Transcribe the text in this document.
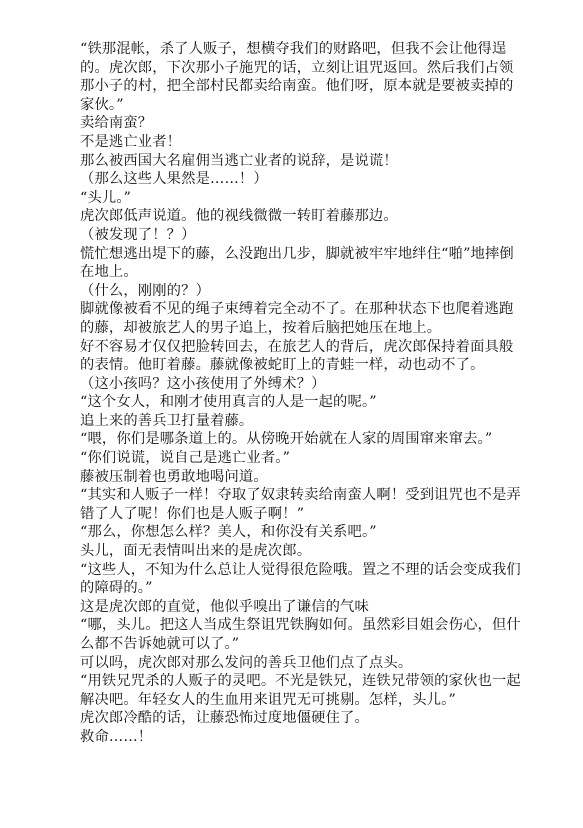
“铁那混帐，杀了人贩子，想横夺我们的财路吧，但我不会让他得逞的。虎次郎，下次那小子施咒的话，立刻让诅咒返回。然后我们占领那小子的村，把全部村民都卖给南蛮。他们呀，原本就是要被卖掉的家伙。”

卖给南蛮？

不是逃亡业者！

那么被西国大名雇佣当逃亡业者的说辞，是说谎！

（那么这些人果然是……！）

“头儿。”

虎次郎低声说道。他的视线微微一转盯着藤那边。

（被发现了！？）

慌忙想逃出堤下的藤，么没跑出几步，脚就被牢牢地绊住“啪”地摔倒在地上。

（什么，刚刚的？）

脚就像被看不见的绳子束缚着完全动不了。在那种状态下也爬着逃跑的藤，却被旅艺人的男子追上，按着后脑把她压在地上。

好不容易才仅仅把脸转回去，在旅艺人的背后，虎次郎保持着面具般的表情。他盯着藤。藤就像被蛇盯上的青蛙一样，动也动不了。

（这小孩吗？这小孩使用了外缚术？）

“这个女人，和刚才使用真言的人是一起的呢。”

追上来的善兵卫打量着藤。

“喂，你们是哪条道上的。从傍晚开始就在人家的周围窜来窜去。”

“你们说谎，说自己是逃亡业者。”

藤被压制着也勇敢地喝问道。

“其实和人贩子一样！夺取了奴隶转卖给南蛮人啊！受到诅咒也不是弄错了人了呢！你们也是人贩子啊！”

“那么，你想怎么样？美人，和你没有关系吧。”

头儿，面无表情叫出来的是虎次郎。

“这些人，不知为什么总让人觉得很危险哦。置之不理的话会变成我们的障碍的。”

这是虎次郎的直觉，他似乎嗅出了谦信的气味

“哪，头儿。把这人当成生祭诅咒铁胸如何。虽然彩目姐会伤心，但什么都不告诉她就可以了。”

可以吗，虎次郎对那么发问的善兵卫他们点了点头。

“用铁兄咒杀的人贩子的灵吧。不光是铁兄，连铁兄带领的家伙也一起解决吧。年轻女人的生血用来诅咒无可挑剔。怎样，头儿。”

虎次郎冷酷的话，让藤恐怖过度地僵硬住了。

救命……！
